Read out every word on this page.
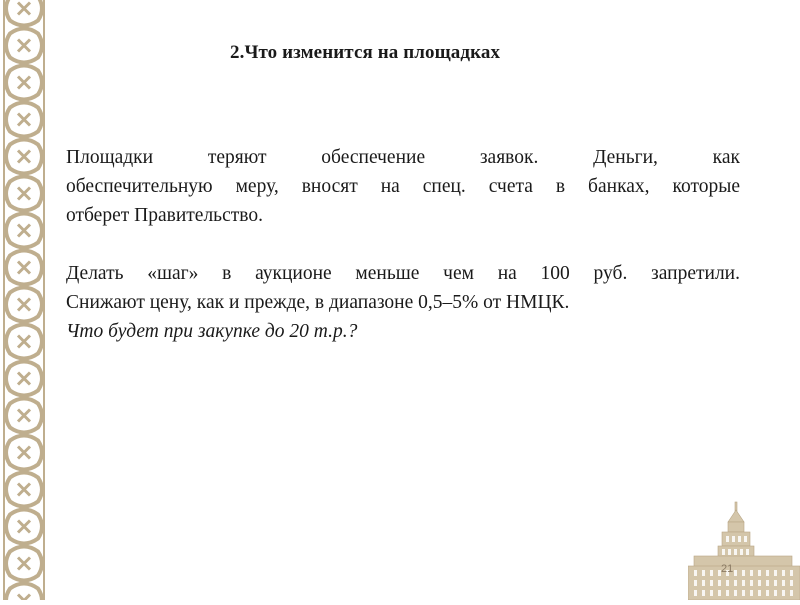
2.Что изменится на площадках

Площадки теряют обеспечение заявок. Деньги, как
обеспечительную меру, вносят на спец. счета в банках, которые
отберет Правительство.

Делать «шаг» в аукционе меньше чем на 100 руб. запретили.
Снижают цену, как и прежде, в диапазоне 0,5–5% от НМЦК.
Что будет при закупке до 20 т.р.?

21
